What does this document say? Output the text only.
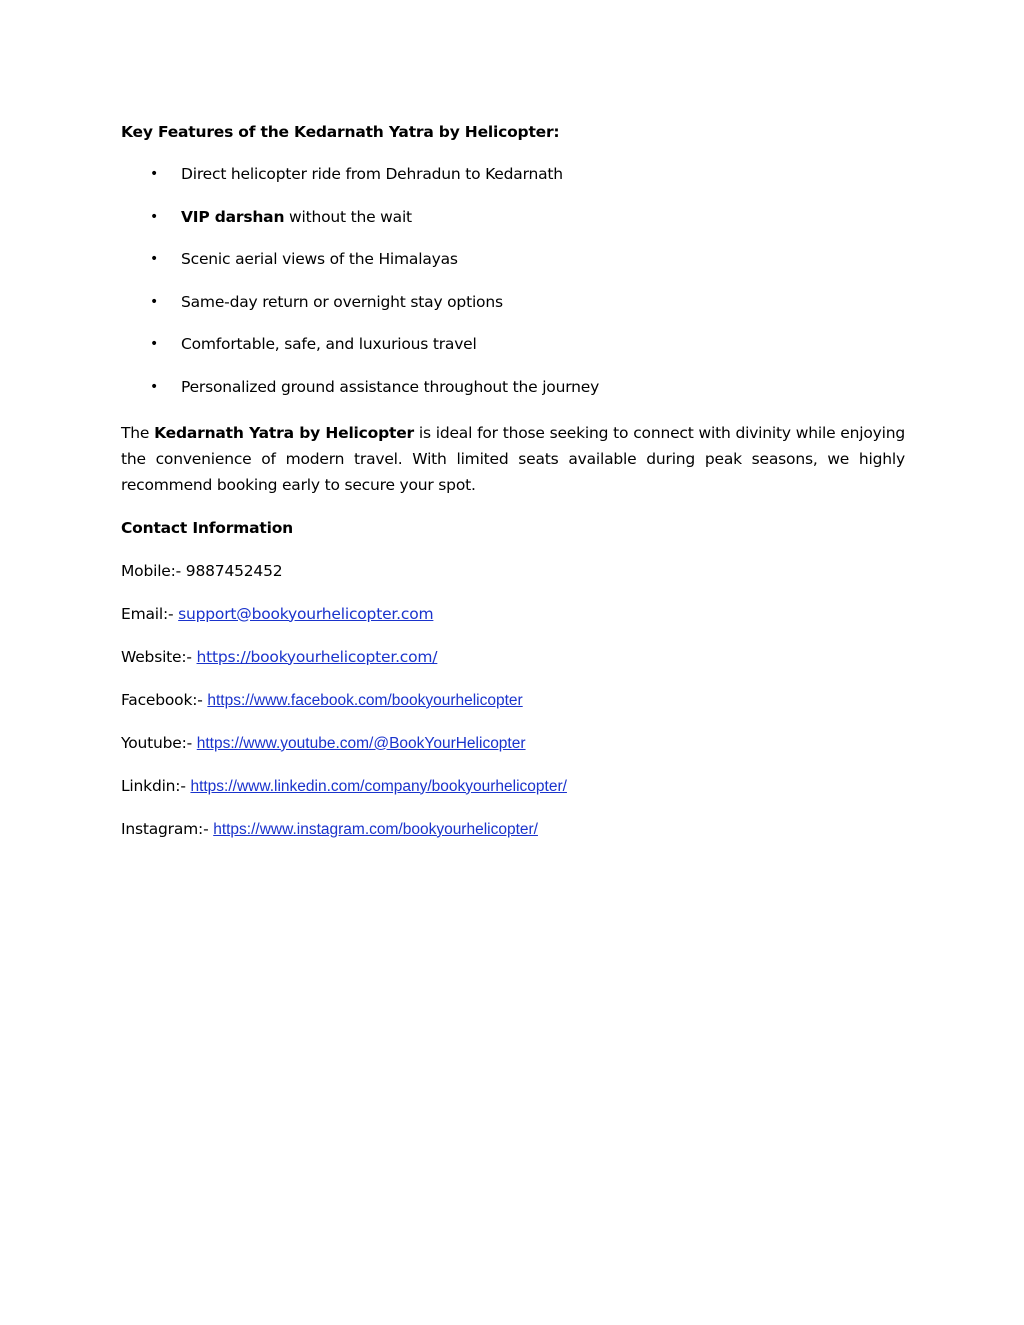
Key Features of the Kedarnath Yatra by Helicopter:

• Direct helicopter ride from Dehradun to Kedarnath
• VIP darshan without the wait
• Scenic aerial views of the Himalayas
• Same-day return or overnight stay options
• Comfortable, safe, and luxurious travel
• Personalized ground assistance throughout the journey

The Kedarnath Yatra by Helicopter is ideal for those seeking to connect with divinity while enjoying the convenience of modern travel. With limited seats available during peak seasons, we highly recommend booking early to secure your spot.

Contact Information

Mobile:- 9887452452

Email:- support@bookyourhelicopter.com

Website:- https://bookyourhelicopter.com/

Facebook:- https://www.facebook.com/bookyourhelicopter

Youtube:- https://www.youtube.com/@BookYourHelicopter

Linkdin:- https://www.linkedin.com/company/bookyourhelicopter/

Instagram:- https://www.instagram.com/bookyourhelicopter/
